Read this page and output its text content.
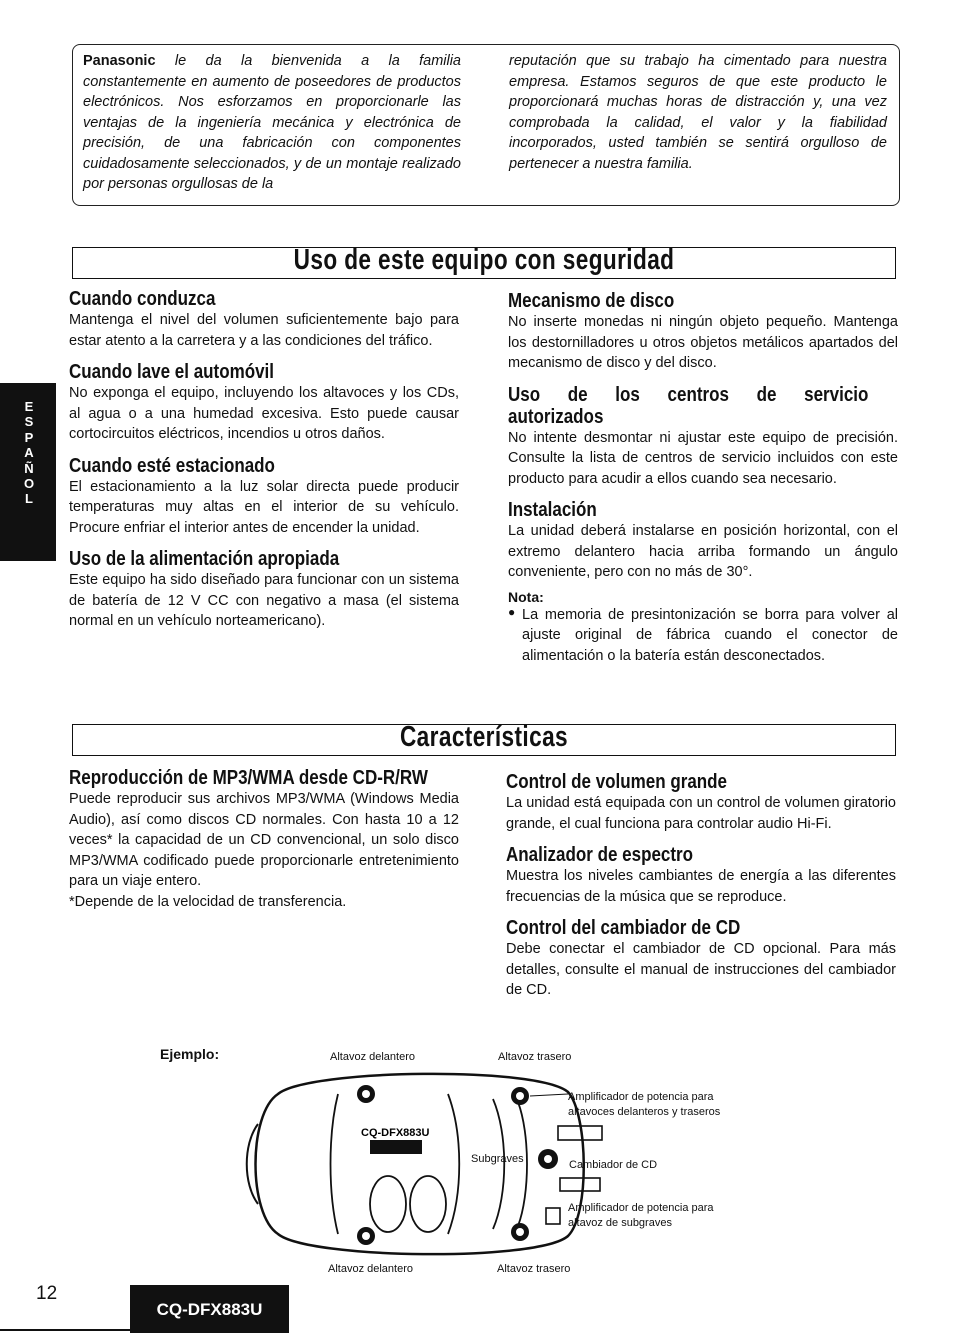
Panasonic le da la bienvenida a la familia constantemente en aumento de poseedores de productos electrónicos. Nos esforzamos en proporcionarle las ventajas de la ingeniería mecánica y electrónica de precisión, de una fabricación con componentes cuidadosamente seleccionados, y de un montaje realizado por personas orgullosas de la
reputación que su trabajo ha cimentado para nuestra empresa. Estamos seguros de que este producto le proporcionará muchas horas de distracción y, una vez comprobada la calidad, el valor y la fiabilidad incorporados, usted también se sentirá orgulloso de pertenecer a nuestra familia.
Uso de este equipo con seguridad
E
S
P
A
Ñ
O
L
Cuando conduzca
Mantenga el nivel del volumen suficientemente bajo para estar atento a la carretera y a las condiciones del tráfico.
Cuando lave el automóvil
No exponga el equipo, incluyendo los altavoces y los CDs, al agua o a una humedad excesiva. Esto puede causar cortocircuitos eléctricos, incendios u otros daños.
Cuando esté estacionado
El estacionamiento a la luz solar directa puede producir temperaturas muy altas en el interior de su vehículo. Procure enfriar el interior antes de encender la unidad.
Uso de la alimentación apropiada
Este equipo ha sido diseñado para funcionar con un sistema de batería de 12 V CC con negativo a masa (el sistema normal en un vehículo norteamericano).
Mecanismo de disco
No inserte monedas ni ningún objeto pequeño. Mantenga los destornilladores u otros objetos metálicos apartados del mecanismo de disco y del disco.
Uso de los centros de servicio autorizados
No intente desmontar ni ajustar este equipo de precisión. Consulte la lista de centros de servicio incluidos con este producto para acudir a ellos cuando sea necesario.
Instalación
La unidad deberá instalarse en posición horizontal, con el extremo delantero hacia arriba formando un ángulo conveniente, pero con no más de 30°.
Nota:
● La memoria de presintonización se borra para volver al ajuste original de fábrica cuando el conector de alimentación o la batería están desconectados.
Características
Reproducción de MP3/WMA desde CD-R/RW
Puede reproducir sus archivos MP3/WMA (Windows Media Audio), así como discos CD normales. Con hasta 10 a 12 veces* la capacidad de un CD convencional, un solo disco MP3/WMA codificado puede proporcionarle entretenimiento para un viaje entero.
*Depende de la velocidad de transferencia.
Control de volumen grande
La unidad está equipada con un control de volumen giratorio grande, el cual funciona para controlar audio Hi-Fi.
Analizador de espectro
Muestra los niveles cambiantes de energía a las diferentes frecuencias de la música que se reproduce.
Control del cambiador de CD
Debe conectar el cambiador de CD opcional. Para más detalles, consulte el manual de instrucciones del cambiador de CD.
Ejemplo:	Altavoz delantero	Altavoz trasero
Amplificador de potencia para altavoces delanteros y traseros
Subgraves	Cambiador de CD
Amplificador de potencia para altavoz de subgraves
Altavoz delantero	Altavoz trasero
CQ-DFX883U
12
CQ-DFX883U
